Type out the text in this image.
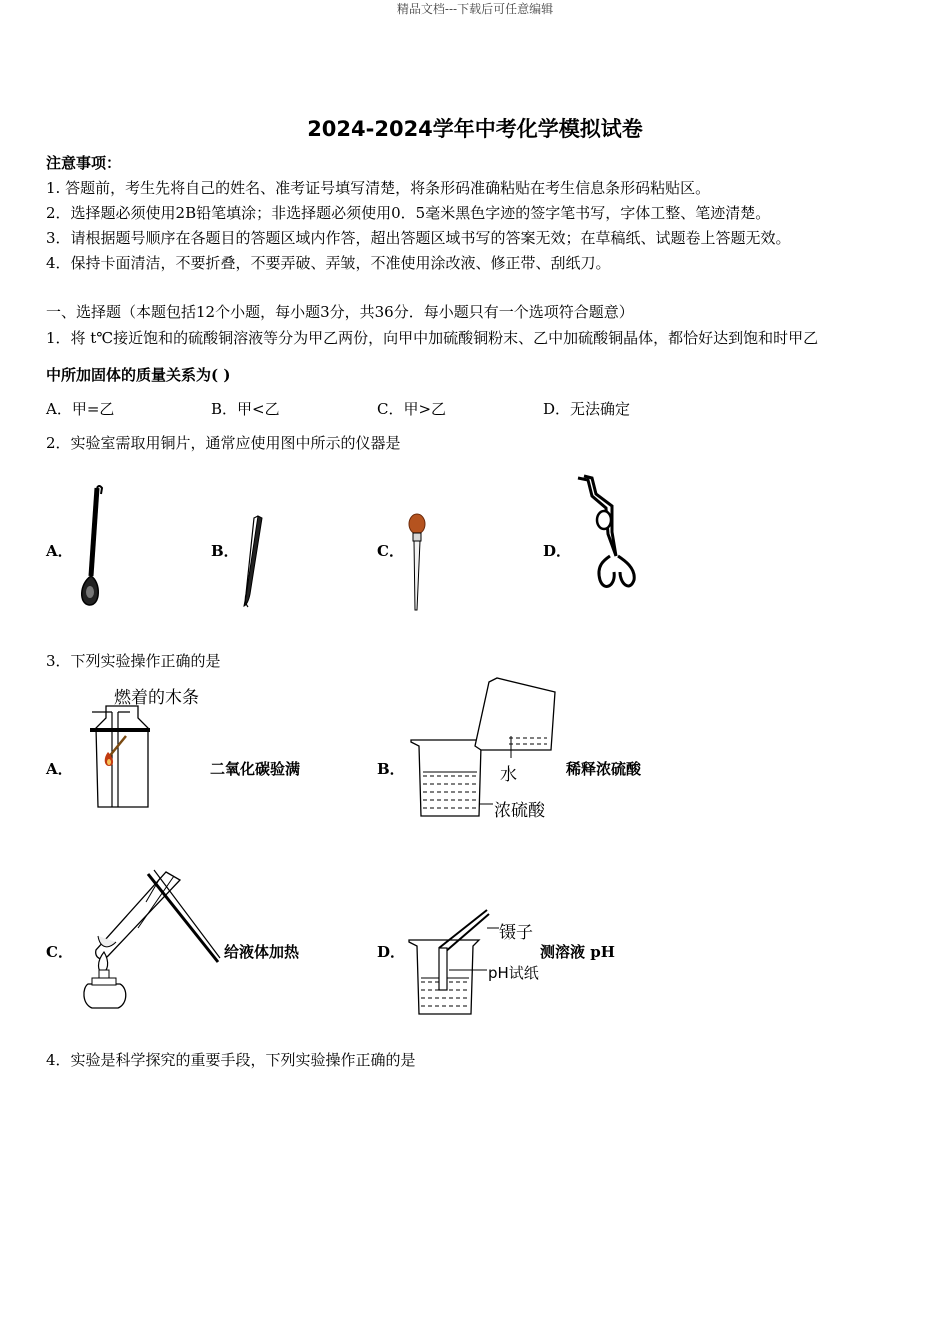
精品文档---下载后可任意编辑
2024-2024学年中考化学模拟试卷
注意事项：
1. 答题前，考生先将自己的姓名、准考证号填写清楚，将条形码准确粘贴在考生信息条形码粘贴区。
2．选择题必须使用2B铅笔填涂；非选择题必须使用0．5毫米黑色字迹的签字笔书写，字体工整、笔迹清楚。
3．请根据题号顺序在各题目的答题区域内作答，超出答题区域书写的答案无效；在草稿纸、试题卷上答题无效。
4．保持卡面清洁，不要折叠，不要弄破、弄皱，不准使用涂改液、修正带、刮纸刀。
一、选择题（本题包括12个小题，每小题3分，共36分．每小题只有一个选项符合题意）
1．将 t℃接近饱和的硫酸铜溶液等分为甲乙两份，向甲中加硫酸铜粉末、乙中加硫酸铜晶体，都恰好达到饱和时甲乙
中所加固体的质量关系为( )
A．甲=乙	B．甲<乙	C．甲>乙	D．无法确定
2．实验室需取用铜片，通常应使用图中所示的仪器是
A．	B．	C．	D．
3．下列实验操作正确的是
A．	二氧化碳验满	B．	稀释浓硫酸
C．	给液体加热	D．	测溶液 pH
燃着的木条
水
浓硫酸
镊子
pH试纸
4．实验是科学探究的重要手段，下列实验操作正确的是
